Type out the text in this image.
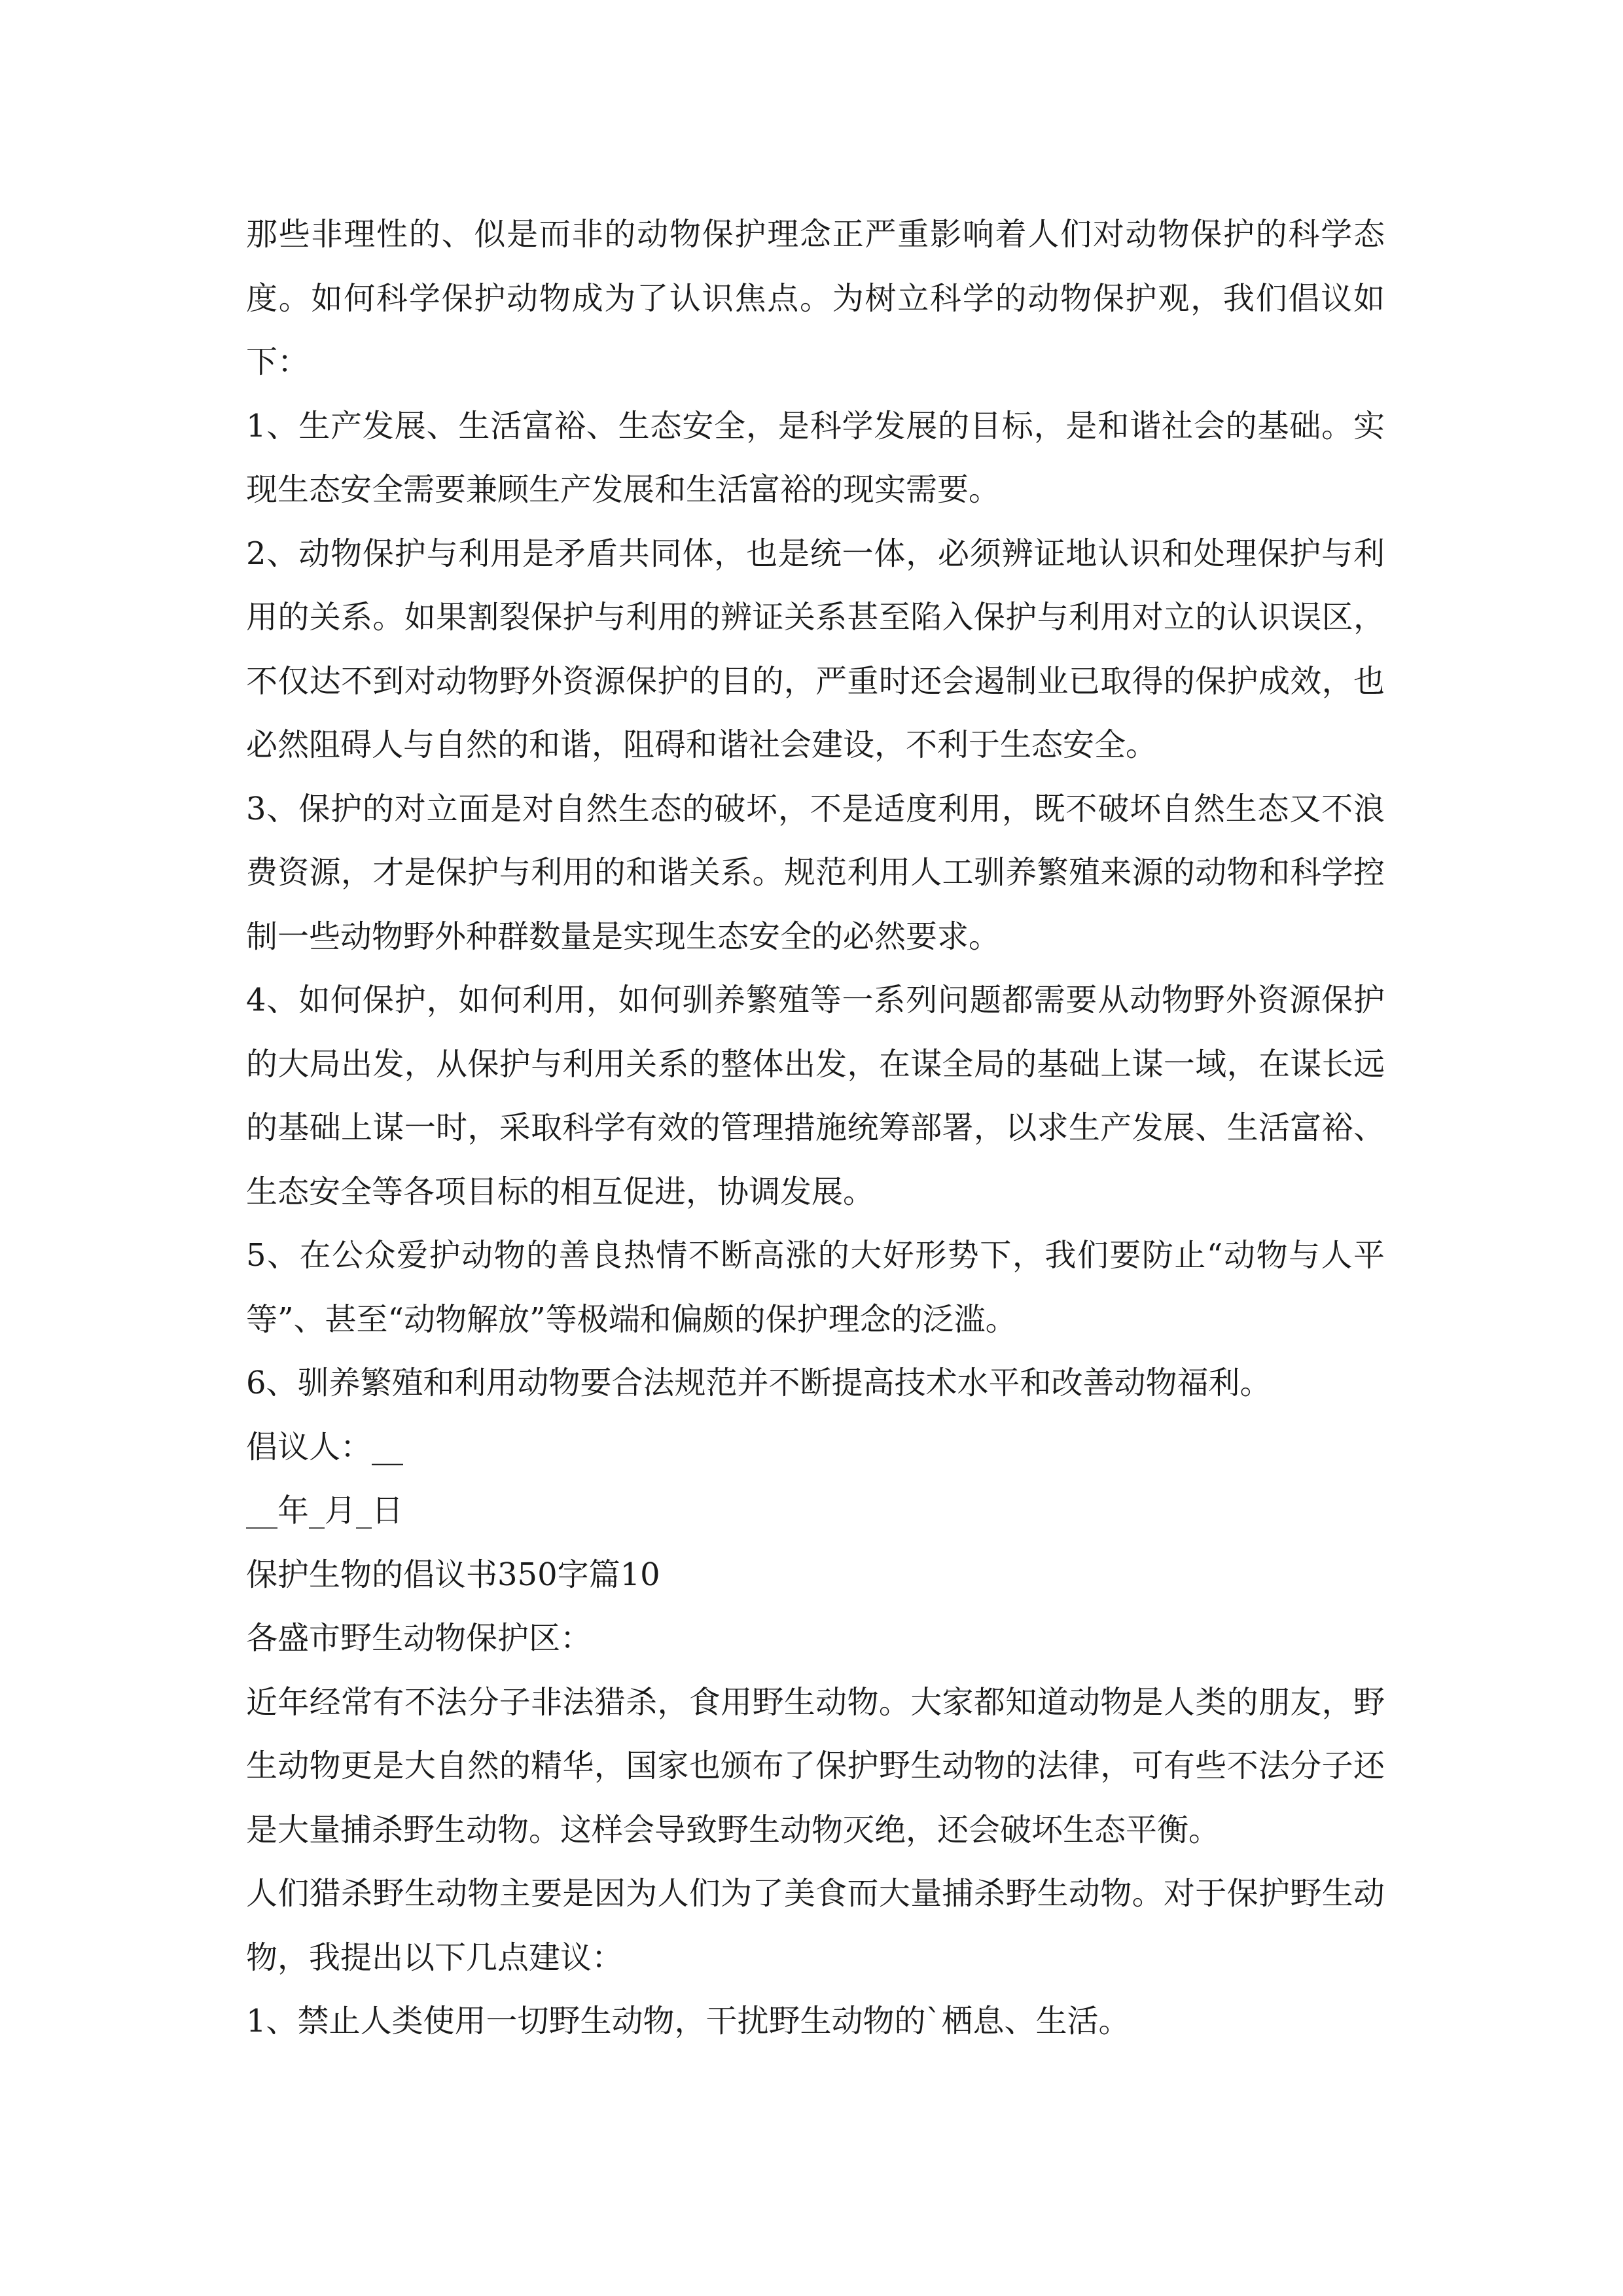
那些非理性的、似是而非的动物保护理念正严重影响着人们对动物保护的科学态度。如何科学保护动物成为了认识焦点。为树立科学的动物保护观，我们倡议如下：

1、生产发展、生活富裕、生态安全，是科学发展的目标，是和谐社会的基础。实现生态安全需要兼顾生产发展和生活富裕的现实需要。

2、动物保护与利用是矛盾共同体，也是统一体，必须辨证地认识和处理保护与利用的关系。如果割裂保护与利用的辨证关系甚至陷入保护与利用对立的认识误区，不仅达不到对动物野外资源保护的目的，严重时还会遏制业已取得的保护成效，也必然阻碍人与自然的和谐，阻碍和谐社会建设，不利于生态安全。

3、保护的对立面是对自然生态的破坏，不是适度利用，既不破坏自然生态又不浪费资源，才是保护与利用的和谐关系。规范利用人工驯养繁殖来源的动物和科学控制一些动物野外种群数量是实现生态安全的必然要求。

4、如何保护，如何利用，如何驯养繁殖等一系列问题都需要从动物野外资源保护的大局出发，从保护与利用关系的整体出发，在谋全局的基础上谋一域，在谋长远的基础上谋一时，采取科学有效的管理措施统筹部署，以求生产发展、生活富裕、生态安全等各项目标的相互促进，协调发展。

5、在公众爱护动物的善良热情不断高涨的大好形势下，我们要防止“动物与人平等”、甚至“动物解放”等极端和偏颇的保护理念的泛滥。

6、驯养繁殖和利用动物要合法规范并不断提高技术水平和改善动物福利。

倡议人：__

__年_月_日

保护生物的倡议书350字篇10

各盛市野生动物保护区：

近年经常有不法分子非法猎杀，食用野生动物。大家都知道动物是人类的朋友，野生动物更是大自然的精华，国家也颁布了保护野生动物的法律，可有些不法分子还是大量捕杀野生动物。这样会导致野生动物灭绝，还会破坏生态平衡。

人们猎杀野生动物主要是因为人们为了美食而大量捕杀野生动物。对于保护野生动物，我提出以下几点建议：

1、禁止人类使用一切野生动物，干扰野生动物的`栖息、生活。
